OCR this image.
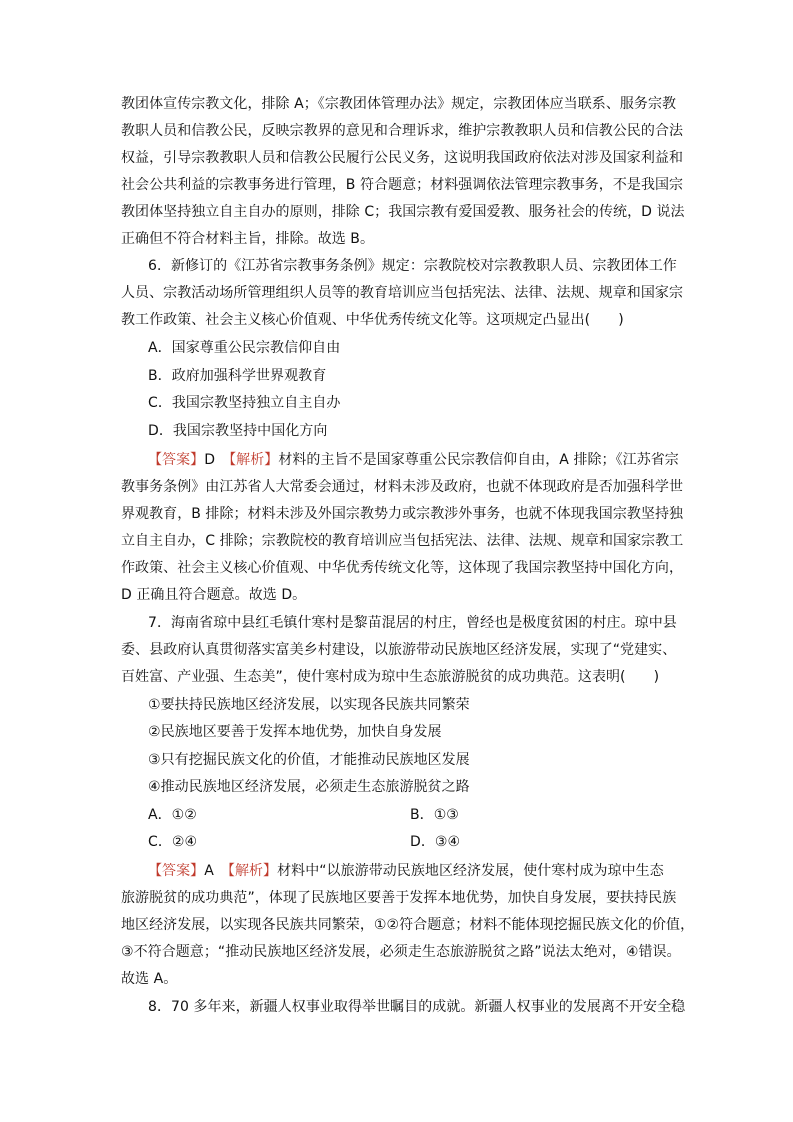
教团体宣传宗教文化，排除 A；《宗教团体管理办法》规定，宗教团体应当联系、服务宗教
教职人员和信教公民，反映宗教界的意见和合理诉求，维护宗教教职人员和信教公民的合法
权益，引导宗教教职人员和信教公民履行公民义务，这说明我国政府依法对涉及国家利益和
社会公共利益的宗教事务进行管理，B 符合题意；材料强调依法管理宗教事务，不是我国宗
教团体坚持独立自主自办的原则，排除 C；我国宗教有爱国爱教、服务社会的传统，D 说法
正确但不符合材料主旨，排除。故选 B。
6．新修订的《江苏省宗教事务条例》规定：宗教院校对宗教教职人员、宗教团体工作
人员、宗教活动场所管理组织人员等的教育培训应当包括宪法、法律、法规、规章和国家宗
教工作政策、社会主义核心价值观、中华优秀传统文化等。这项规定凸显出(　　)
A．国家尊重公民宗教信仰自由
B．政府加强科学世界观教育
C．我国宗教坚持独立自主自办
D．我国宗教坚持中国化方向
【答案】D　 【解析】材料的主旨不是国家尊重公民宗教信仰自由，A 排除；《江苏省宗
教事务条例》由江苏省人大常委会通过，材料未涉及政府，也就不体现政府是否加强科学世
界观教育，B 排除；材料未涉及外国宗教势力或宗教涉外事务，也就不体现我国宗教坚持独
立自主自办，C 排除；宗教院校的教育培训应当包括宪法、法律、法规、规章和国家宗教工
作政策、社会主义核心价值观、中华优秀传统文化等，这体现了我国宗教坚持中国化方向，
D 正确且符合题意。故选 D。
7．海南省琼中县红毛镇什寒村是黎苗混居的村庄，曾经也是极度贫困的村庄。琼中县
委、县政府认真贯彻落实富美乡村建设，以旅游带动民族地区经济发展，实现了“党建实、
百姓富、产业强、生态美”，使什寒村成为琼中生态旅游脱贫的成功典范。这表明(　　)
①要扶持民族地区经济发展，以实现各民族共同繁荣
②民族地区要善于发挥本地优势，加快自身发展
③只有挖掘民族文化的价值，才能推动民族地区发展
④推动民族地区经济发展，必须走生态旅游脱贫之路
A．①②	B．①③
C．②④	D．③④
【答案】A　 【解析】材料中“以旅游带动民族地区经济发展，使什寒村成为琼中生态
旅游脱贫的成功典范”，体现了民族地区要善于发挥本地优势，加快自身发展，要扶持民族
地区经济发展，以实现各民族共同繁荣，①②符合题意；材料不能体现挖掘民族文化的价值，
③不符合题意；“推动民族地区经济发展，必须走生态旅游脱贫之路”说法太绝对，④错误。
故选 A。
8．70 多年来，新疆人权事业取得举世瞩目的成就。新疆人权事业的发展离不开安全稳
